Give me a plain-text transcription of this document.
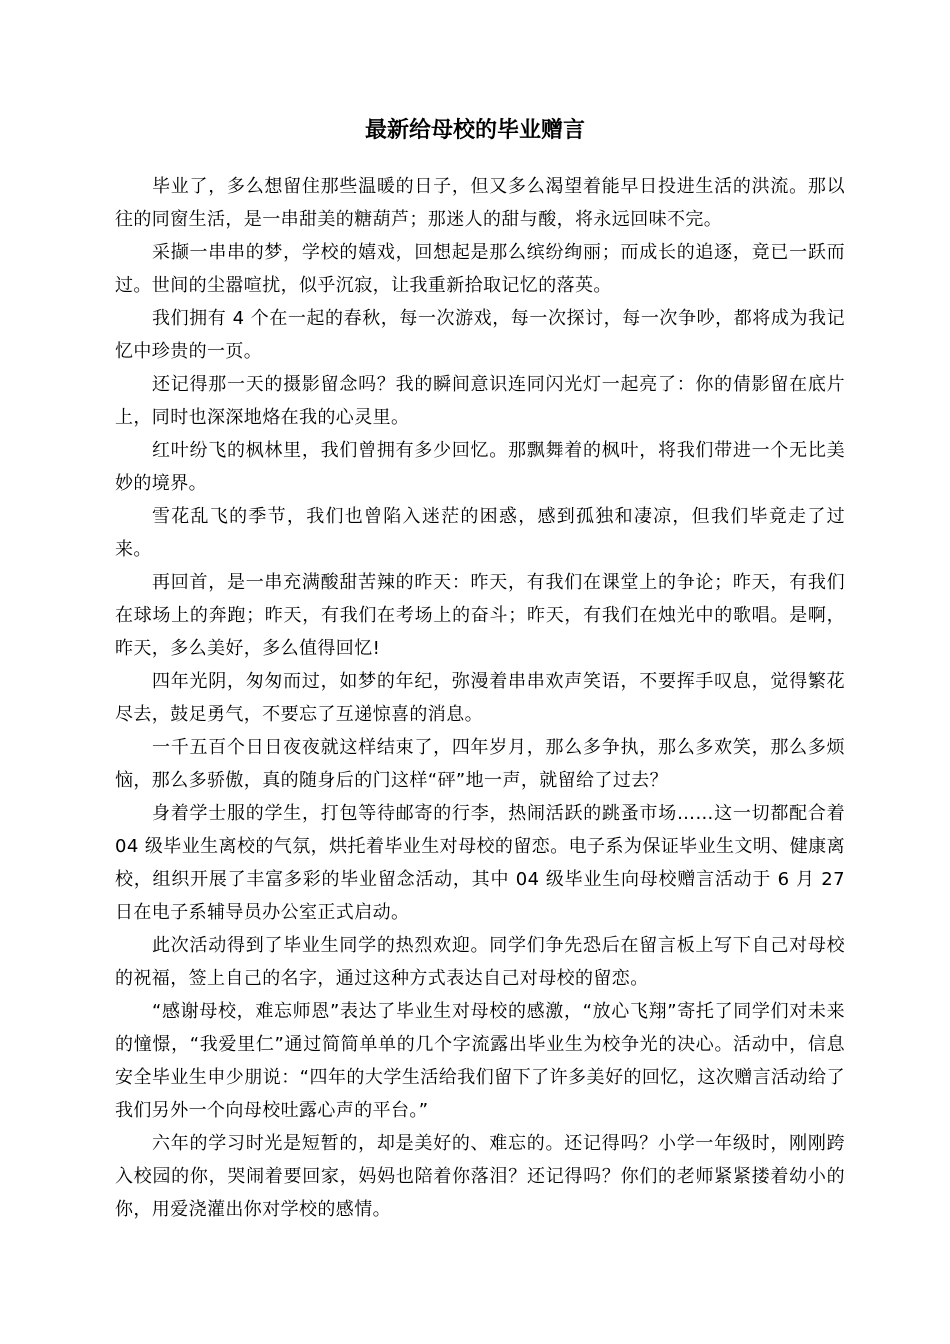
最新给母校的毕业赠言

毕业了，多么想留住那些温暖的日子，但又多么渴望着能早日投进生活的洪流。那以往的同窗生活，是一串甜美的糖葫芦；那迷人的甜与酸，将永远回味不完。

采撷一串串的梦，学校的嬉戏，回想起是那么缤纷绚丽；而成长的追逐，竟已一跃而过。世间的尘嚣喧扰，似乎沉寂，让我重新拾取记忆的落英。

我们拥有 4 个在一起的春秋，每一次游戏，每一次探讨，每一次争吵，都将成为我记忆中珍贵的一页。

还记得那一天的摄影留念吗？我的瞬间意识连同闪光灯一起亮了：你的倩影留在底片上，同时也深深地烙在我的心灵里。

红叶纷飞的枫林里，我们曾拥有多少回忆。那飘舞着的枫叶，将我们带进一个无比美妙的境界。

雪花乱飞的季节，我们也曾陷入迷茫的困惑，感到孤独和凄凉，但我们毕竟走了过来。

再回首，是一串充满酸甜苦辣的昨天：昨天，有我们在课堂上的争论；昨天，有我们在球场上的奔跑；昨天，有我们在考场上的奋斗；昨天，有我们在烛光中的歌唱。是啊，昨天，多么美好，多么值得回忆!

四年光阴，匆匆而过，如梦的年纪，弥漫着串串欢声笑语，不要挥手叹息，觉得繁花尽去，鼓足勇气，不要忘了互递惊喜的消息。

一千五百个日日夜夜就这样结束了，四年岁月，那么多争执，那么多欢笑，那么多烦恼，那么多骄傲，真的随身后的门这样“砰”地一声，就留给了过去？

身着学士服的学生，打包等待邮寄的行李，热闹活跃的跳蚤市场……这一切都配合着 04 级毕业生离校的气氛，烘托着毕业生对母校的留恋。电子系为保证毕业生文明、健康离校，组织开展了丰富多彩的毕业留念活动，其中 04 级毕业生向母校赠言活动于 6 月 27 日在电子系辅导员办公室正式启动。

此次活动得到了毕业生同学的热烈欢迎。同学们争先恐后在留言板上写下自己对母校的祝福，签上自己的名字，通过这种方式表达自己对母校的留恋。

“感谢母校，难忘师恩”表达了毕业生对母校的感激，“放心飞翔”寄托了同学们对未来的憧憬，“我爱里仁”通过简简单单的几个字流露出毕业生为校争光的决心。活动中，信息安全毕业生申少朋说：“四年的大学生活给我们留下了许多美好的回忆，这次赠言活动给了我们另外一个向母校吐露心声的平台。”

六年的学习时光是短暂的，却是美好的、难忘的。还记得吗？小学一年级时，刚刚跨入校园的你，哭闹着要回家，妈妈也陪着你落泪？还记得吗？你们的老师紧紧搂着幼小的你，用爱浇灌出你对学校的感情。
